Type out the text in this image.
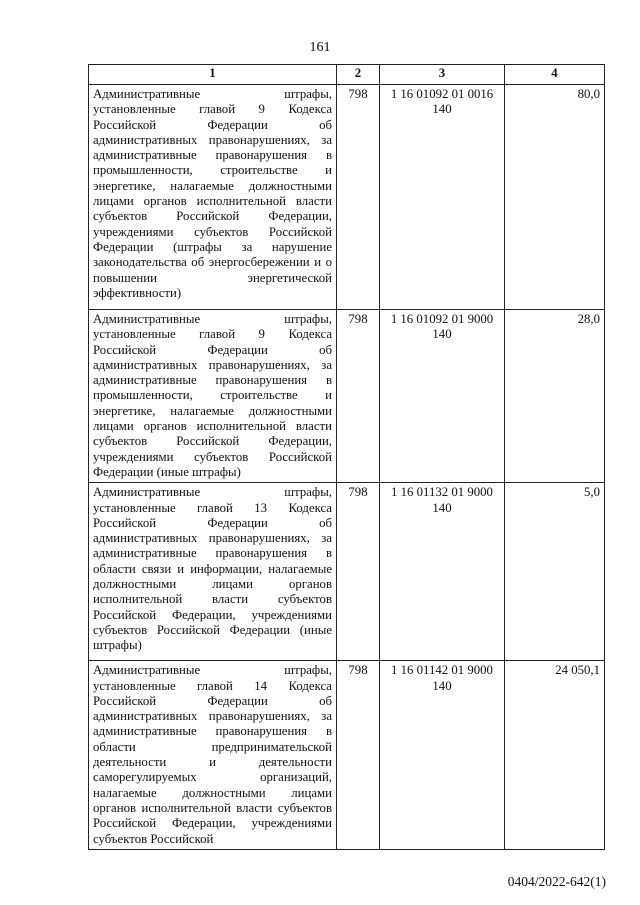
161
1	2	3	4
Административные штрафы, установленные главой 9 Кодекса Российской Федерации об административных правонарушениях, за административные правонарушения в промышленности, строительстве и энергетике, налагаемые должностными лицами органов исполнительной власти субъектов Российской Федерации, учреждениями субъектов Российской Федерации (штрафы за нарушение законодательства об энергосбережении и о повышении энергетической эффективности)	798	1 16 01092 01 0016
140	80,0
Административные штрафы, установленные главой 9 Кодекса Российской Федерации об административных правонарушениях, за административные правонарушения в промышленности, строительстве и энергетике, налагаемые должностными лицами органов исполнительной власти субъектов Российской Федерации, учреждениями субъектов Российской Федерации (иные штрафы)	798	1 16 01092 01 9000
140	28,0
Административные штрафы, установленные главой 13 Кодекса Российской Федерации об административных правонарушениях, за административные правонарушения в области связи и информации, налагаемые должностными лицами органов исполнительной власти субъектов Российской Федерации, учреждениями субъектов Российской Федерации (иные штрафы)	798	1 16 01132 01 9000
140	5,0
Административные штрафы, установленные главой 14 Кодекса Российской Федерации об административных правонарушениях, за административные правонарушения в области предпринимательской деятельности и деятельности саморегулируемых организаций, налагаемые должностными лицами органов исполнительной власти субъектов Российской Федерации, учреждениями субъектов Российской	798	1 16 01142 01 9000
140	24 050,1
0404/2022-642(1)
